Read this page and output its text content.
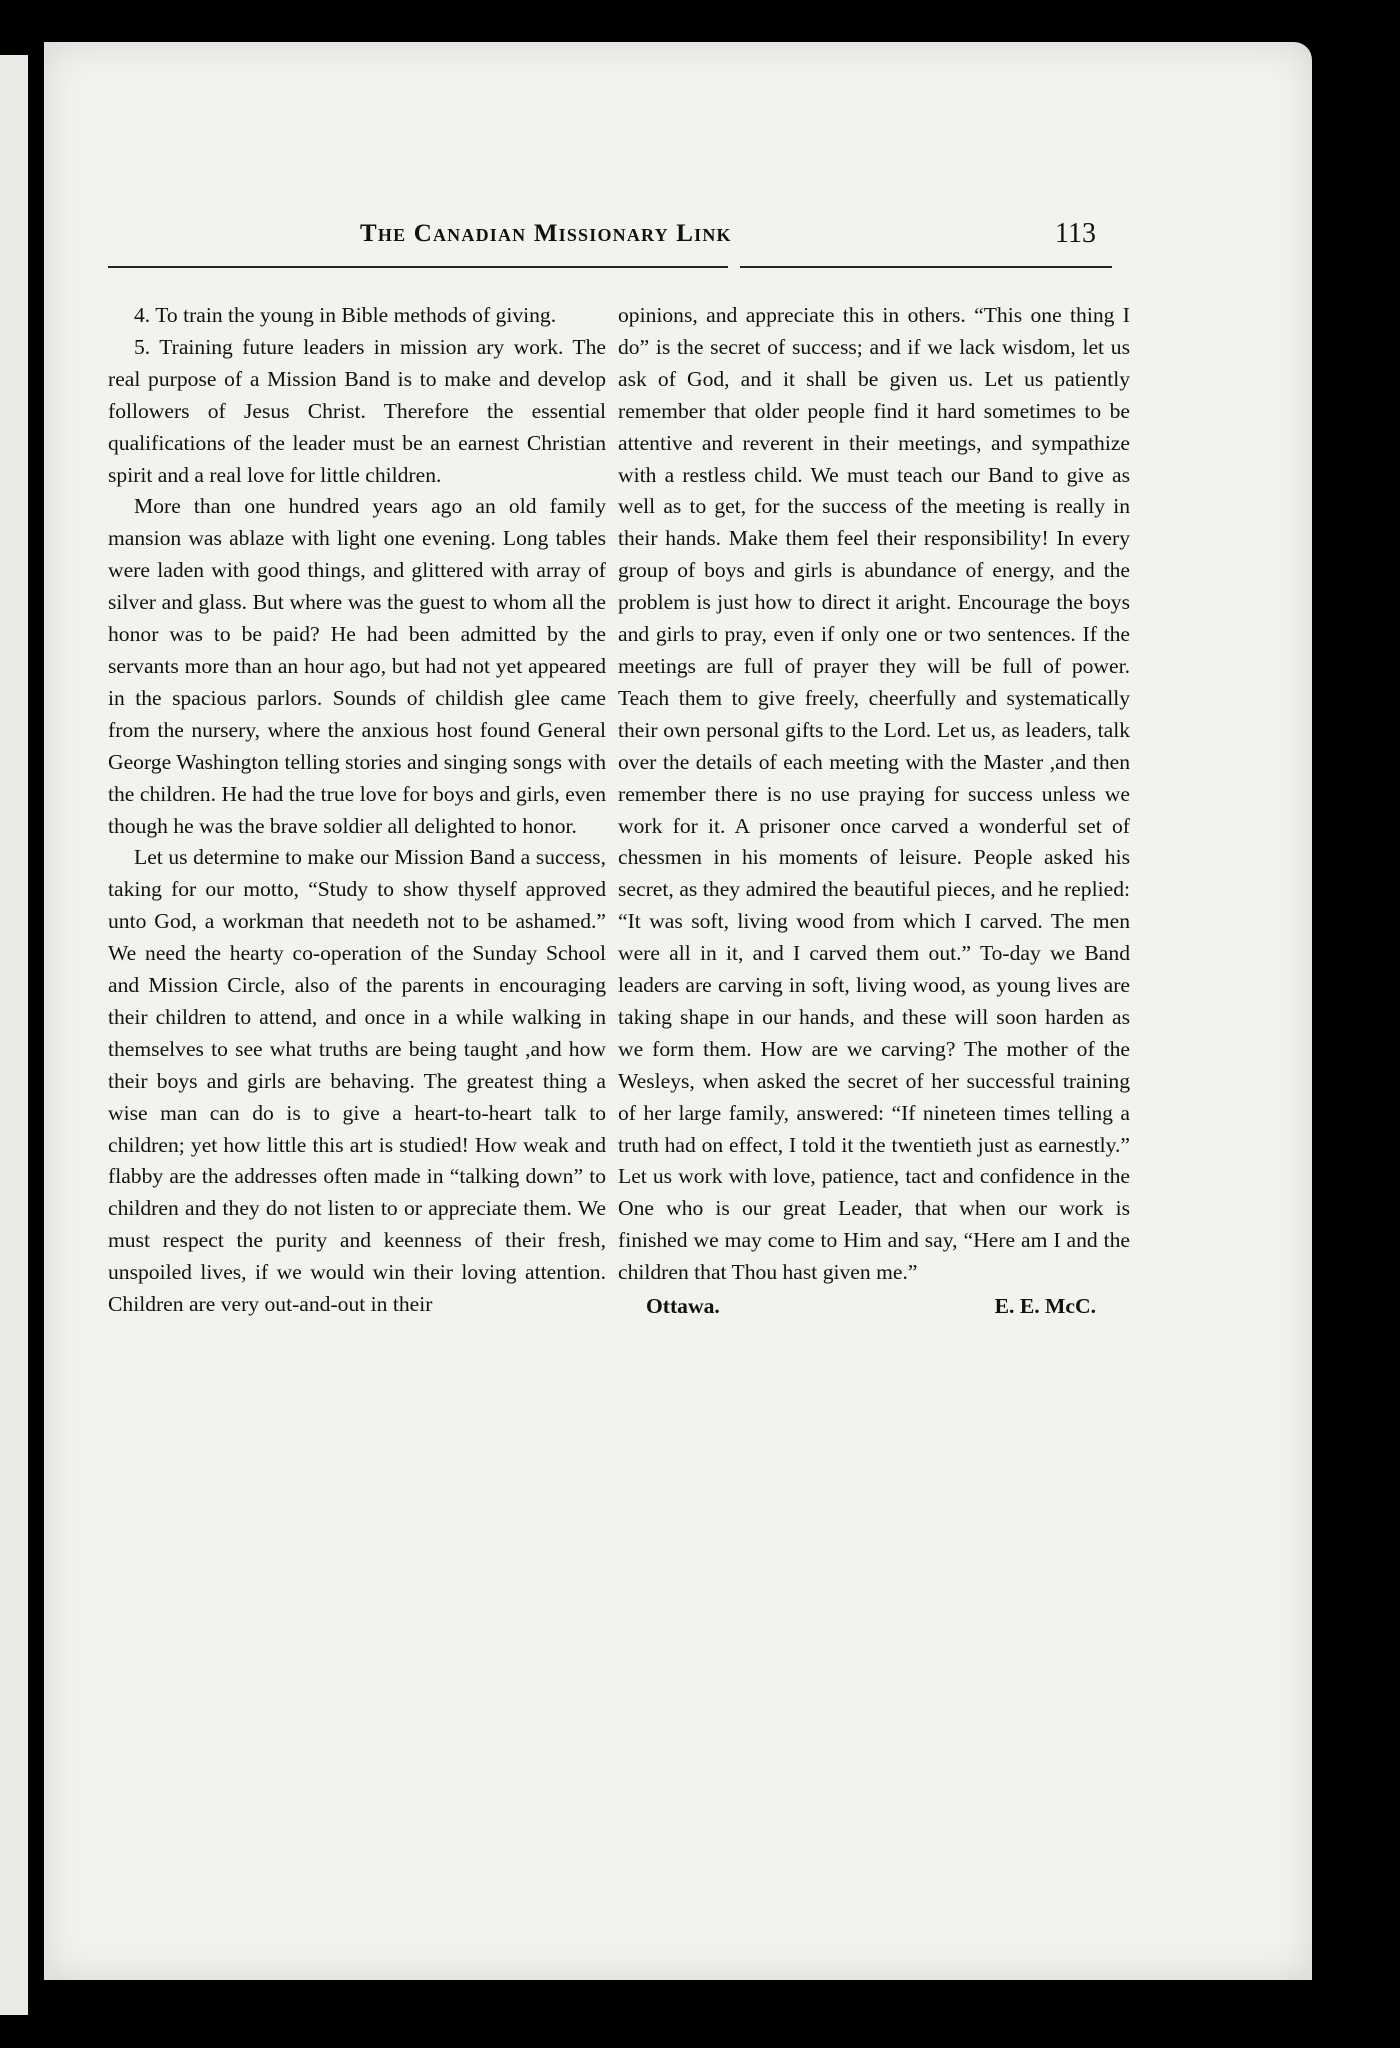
The Canadian Missionary Link	113

4. To train the young in Bible methods of giving.

5. Training future leaders in mission ary work. The real purpose of a Mission Band is to make and develop followers of Jesus Christ. Therefore the essential qualifications of the leader must be an earnest Christian spirit and a real love for little children.

More than one hundred years ago an old family mansion was ablaze with light one evening. Long tables were laden with good things, and glittered with array of silver and glass. But where was the guest to whom all the honor was to be paid? He had been admitted by the servants more than an hour ago, but had not yet appeared in the spacious parlors. Sounds of childish glee came from the nursery, where the anxious host found General George Washington telling stories and singing songs with the children. He had the true love for boys and girls, even though he was the brave soldier all delighted to honor.

Let us determine to make our Mission Band a success, taking for our motto, “Study to show thyself approved unto God, a workman that needeth not to be ashamed.” We need the hearty co-operation of the Sunday School and Mission Circle, also of the parents in encouraging their children to attend, and once in a while walking in themselves to see what truths are being taught ,and how their boys and girls are behaving. The greatest thing a wise man can do is to give a heart-to-heart talk to children; yet how little this art is studied! How weak and flabby are the addresses often made in “talking down” to children and they do not listen to or appreciate them. We must respect the purity and keenness of their fresh, unspoiled lives, if we would win their loving attention. Children are very out-and-out in their

opinions, and appreciate this in others. “This one thing I do” is the secret of success; and if we lack wisdom, let us ask of God, and it shall be given us. Let us patiently remember that older people find it hard sometimes to be attentive and reverent in their meetings, and sympathize with a restless child. We must teach our Band to give as well as to get, for the success of the meeting is really in their hands. Make them feel their responsibility! In every group of boys and girls is abundance of energy, and the problem is just how to direct it aright. Encourage the boys and girls to pray, even if only one or two sentences. If the meetings are full of prayer they will be full of power. Teach them to give freely, cheerfully and systematically their own personal gifts to the Lord. Let us, as leaders, talk over the details of each meeting with the Master ,and then remember there is no use praying for success unless we work for it. A prisoner once carved a wonderful set of chessmen in his moments of leisure. People asked his secret, as they admired the beautiful pieces, and he replied: “It was soft, living wood from which I carved. The men were all in it, and I carved them out.” To-day we Band leaders are carving in soft, living wood, as young lives are taking shape in our hands, and these will soon harden as we form them. How are we carving? The mother of the Wesleys, when asked the secret of her successful training of her large family, answered: “If nineteen times telling a truth had on effect, I told it the twentieth just as earnestly.” Let us work with love, patience, tact and confidence in the One who is our great Leader, that when our work is finished we may come to Him and say, “Here am I and the children that Thou hast given me.”

Ottawa.	E. E. McC.
